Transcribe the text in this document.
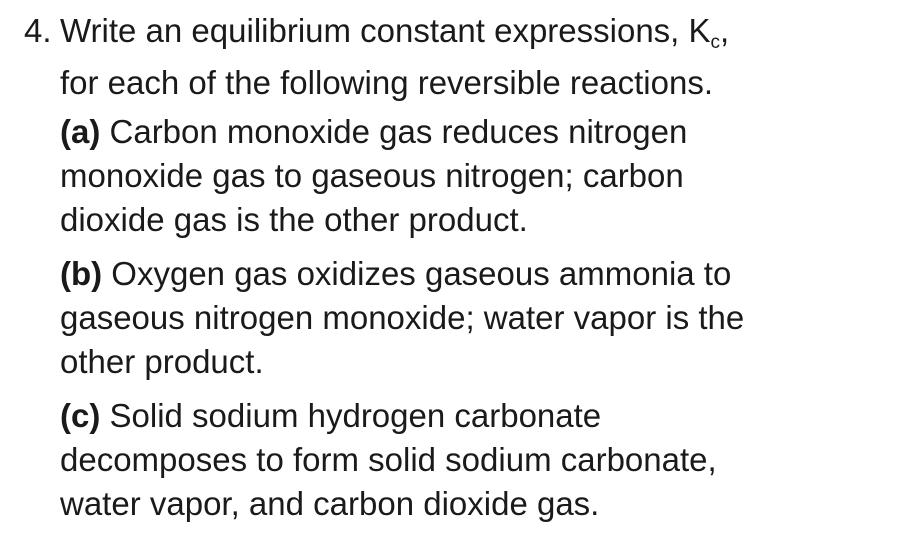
4. Write an equilibrium constant expressions, Kc,
for each of the following reversible reactions.
(a) Carbon monoxide gas reduces nitrogen
monoxide gas to gaseous nitrogen; carbon
dioxide gas is the other product.
(b) Oxygen gas oxidizes gaseous ammonia to
gaseous nitrogen monoxide; water vapor is the
other product.
(c) Solid sodium hydrogen carbonate
decomposes to form solid sodium carbonate,
water vapor, and carbon dioxide gas.
